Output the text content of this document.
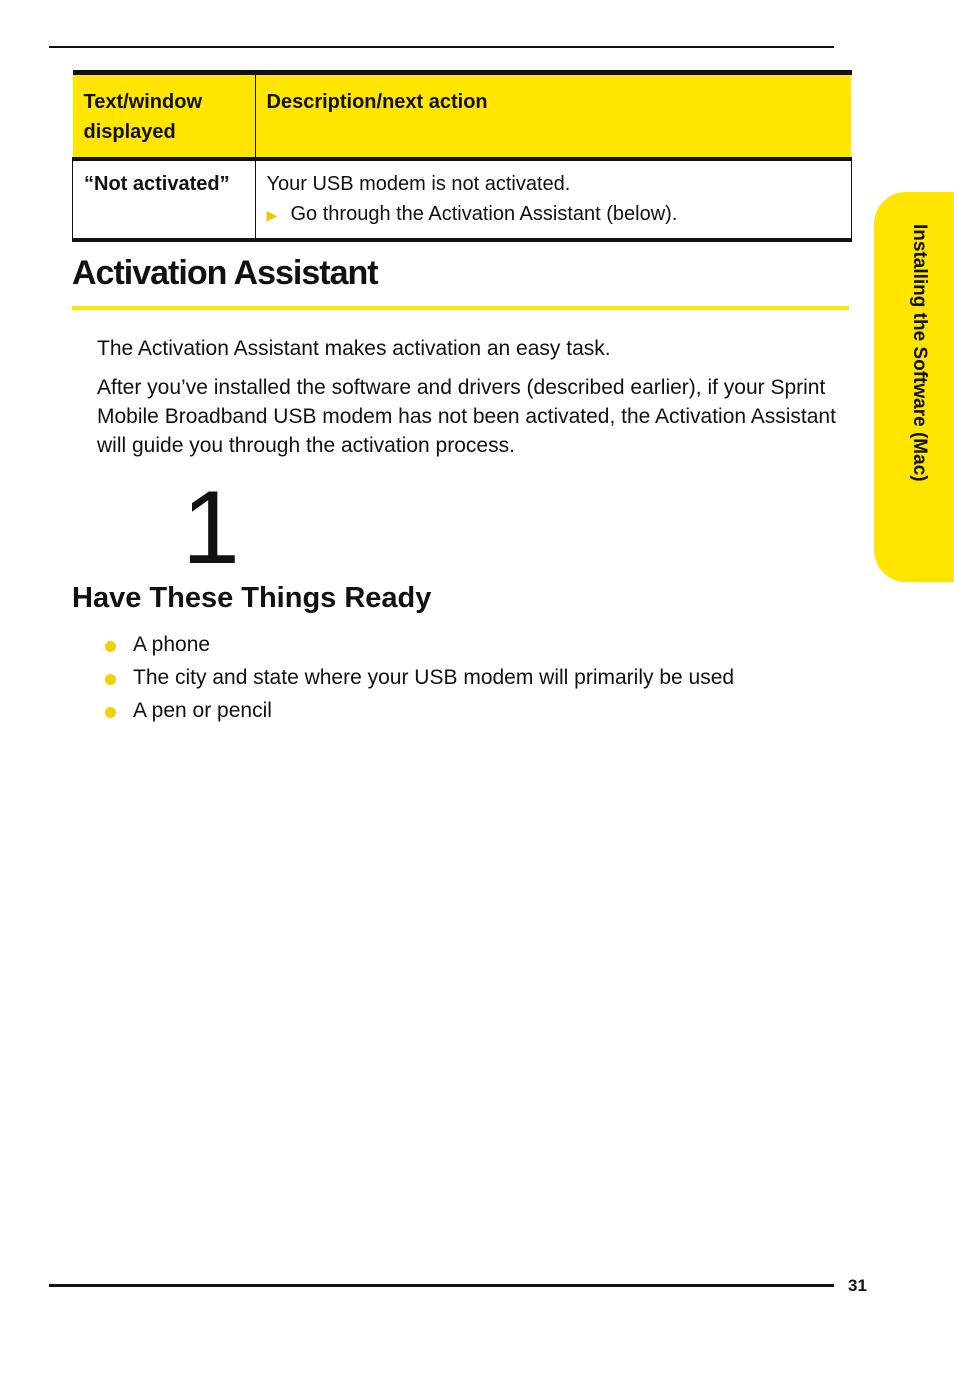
Installing the Software (Mac)
Text/window displayed	Description/next action
“Not activated”	Your USB modem is not activated.
▶ Go through the Activation Assistant (below).
Activation Assistant

The Activation Assistant makes activation an easy task.

After you’ve installed the software and drivers (described earlier), if your Sprint Mobile Broadband USB modem has not been activated, the Activation Assistant will guide you through the activation process.

1
Have These Things Ready
A phone
The city and state where your USB modem will primarily be used
A pen or pencil
31
